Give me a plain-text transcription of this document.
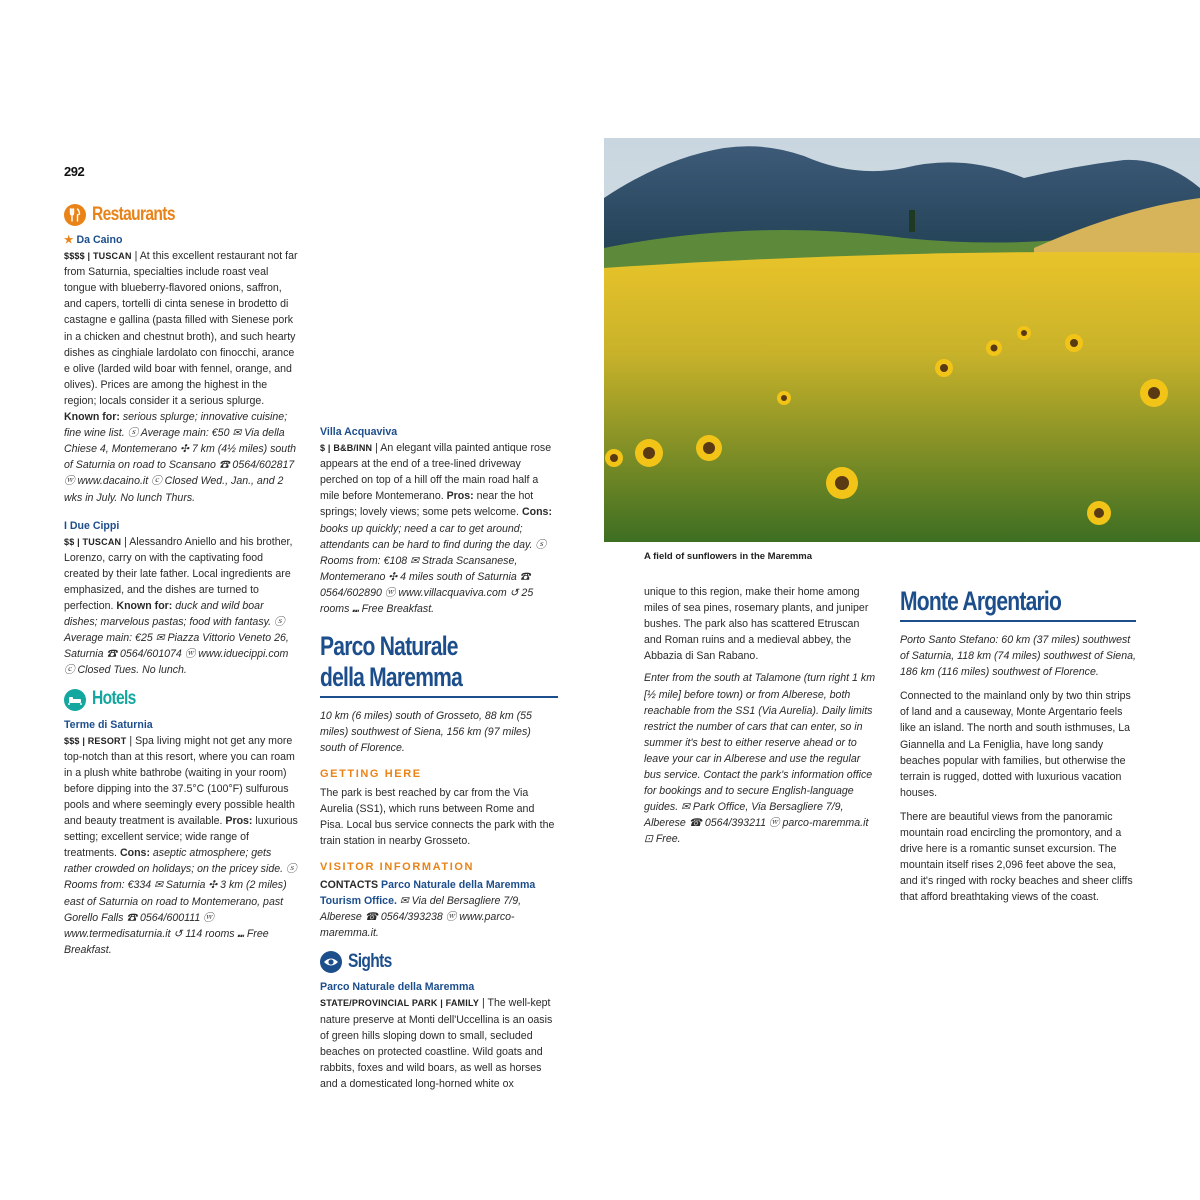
292
Restaurants
★ Da Caino

$$$$ | TUSCAN | At this excellent restaurant not far from Saturnia, specialties include roast veal tongue with blueberry-flavored onions, saffron, and capers, tortelli di cinta senese in brodetto di castagne e gallina (pasta filled with Sienese pork in a chicken and chestnut broth), and such hearty dishes as cinghiale lardolato con finocchi, arance e olive (larded wild boar with fennel, orange, and olives). Prices are among the highest in the region; locals consider it a serious splurge. Known for: serious splurge; innovative cuisine; fine wine list. ⓢ Average main: €50 ✉ Via della Chiese 4, Montemerano ✣ 7 km (4½ miles) south of Saturnia on road to Scansano ☎ 0564/602817 ⓦ www.dacaino.it ⓒ Closed Wed., Jan., and 2 wks in July. No lunch Thurs.

I Due Cippi

$$ | TUSCAN | Alessandro Aniello and his brother, Lorenzo, carry on with the captivating food created by their late father. Local ingredients are emphasized, and the dishes are turned to perfection. Known for: duck and wild boar dishes; marvelous pastas; food with fantasy. ⓢ Average main: €25 ✉ Piazza Vittorio Veneto 26, Saturnia ☎ 0564/601074 ⓦ www.iduecippi.com ⓒ Closed Tues. No lunch.

Hotels
Terme di Saturnia

$$$ | RESORT | Spa living might not get any more top-notch than at this resort, where you can roam in a plush white bathrobe (waiting in your room) before dipping into the 37.5°C (100°F) sulfurous pools and where seemingly every possible health and beauty treatment is available. Pros: luxurious setting; excellent service; wide range of treatments. Cons: aseptic atmosphere; gets rather crowded on holidays; on the pricey side. ⓢ Rooms from: €334 ✉ Saturnia ✣ 3 km (2 miles) east of Saturnia on road to Montemerano, past Gorello Falls ☎ 0564/600111 ⓦ www.termedisaturnia.it ↺ 114 rooms ⑉ Free Breakfast.

Villa Acquaviva

$ | B&B/INN | An elegant villa painted antique rose appears at the end of a tree-lined driveway perched on top of a hill off the main road half a mile before Montemerano. Pros: near the hot springs; lovely views; some pets welcome. Cons: books up quickly; need a car to get around; attendants can be hard to find during the day. ⓢ Rooms from: €108 ✉ Strada Scansanese, Montemerano ✣ 4 miles south of Saturnia ☎ 0564/602890 ⓦ www.villacquaviva.com ↺ 25 rooms ⑉ Free Breakfast.

Parco Naturale
della Maremma

10 km (6 miles) south of Grosseto, 88 km (55 miles) southwest of Siena, 156 km (97 miles) south of Florence.

GETTING HERE

The park is best reached by car from the Via Aurelia (SS1), which runs between Rome and Pisa. Local bus service connects the park with the train station in nearby Grosseto.

VISITOR INFORMATION

CONTACTS Parco Naturale della Maremma Tourism Office. ✉ Via del Bersagliere 7/9, Alberese ☎ 0564/393238 ⓦ www.parco-maremma.it.

Sights
Parco Naturale della Maremma

STATE/PROVINCIAL PARK | FAMILY | The well-kept nature preserve at Monti dell'Uccellina is an oasis of green hills sloping down to small, secluded beaches on protected coastline. Wild goats and rabbits, foxes and wild boars, as well as horses and a domesticated long-horned white ox

A field of sunflowers in the Maremma

unique to this region, make their home among miles of sea pines, rosemary plants, and juniper bushes. The park also has scattered Etruscan and Roman ruins and a medieval abbey, the Abbazia di San Rabano.

Enter from the south at Talamone (turn right 1 km [½ mile] before town) or from Alberese, both reachable from the SS1 (Via Aurelia). Daily limits restrict the number of cars that can enter, so in summer it's best to either reserve ahead or to leave your car in Alberese and use the regular bus service. Contact the park's information office for bookings and to secure English-language guides. ✉ Park Office, Via Bersagliere 7/9, Alberese ☎ 0564/393211 ⓦ parco-maremma.it ⊡ Free.

Monte Argentario

Porto Santo Stefano: 60 km (37 miles) southwest of Saturnia, 118 km (74 miles) southwest of Siena, 186 km (116 miles) southwest of Florence.

Connected to the mainland only by two thin strips of land and a causeway, Monte Argentario feels like an island. The north and south isthmuses, La Giannella and La Feniglia, have long sandy beaches popular with families, but otherwise the terrain is rugged, dotted with luxurious vacation houses.

There are beautiful views from the panoramic mountain road encircling the promontory, and a drive here is a romantic sunset excursion. The mountain itself rises 2,096 feet above the sea, and it's ringed with rocky beaches and sheer cliffs that afford breathtaking views of the coast.
